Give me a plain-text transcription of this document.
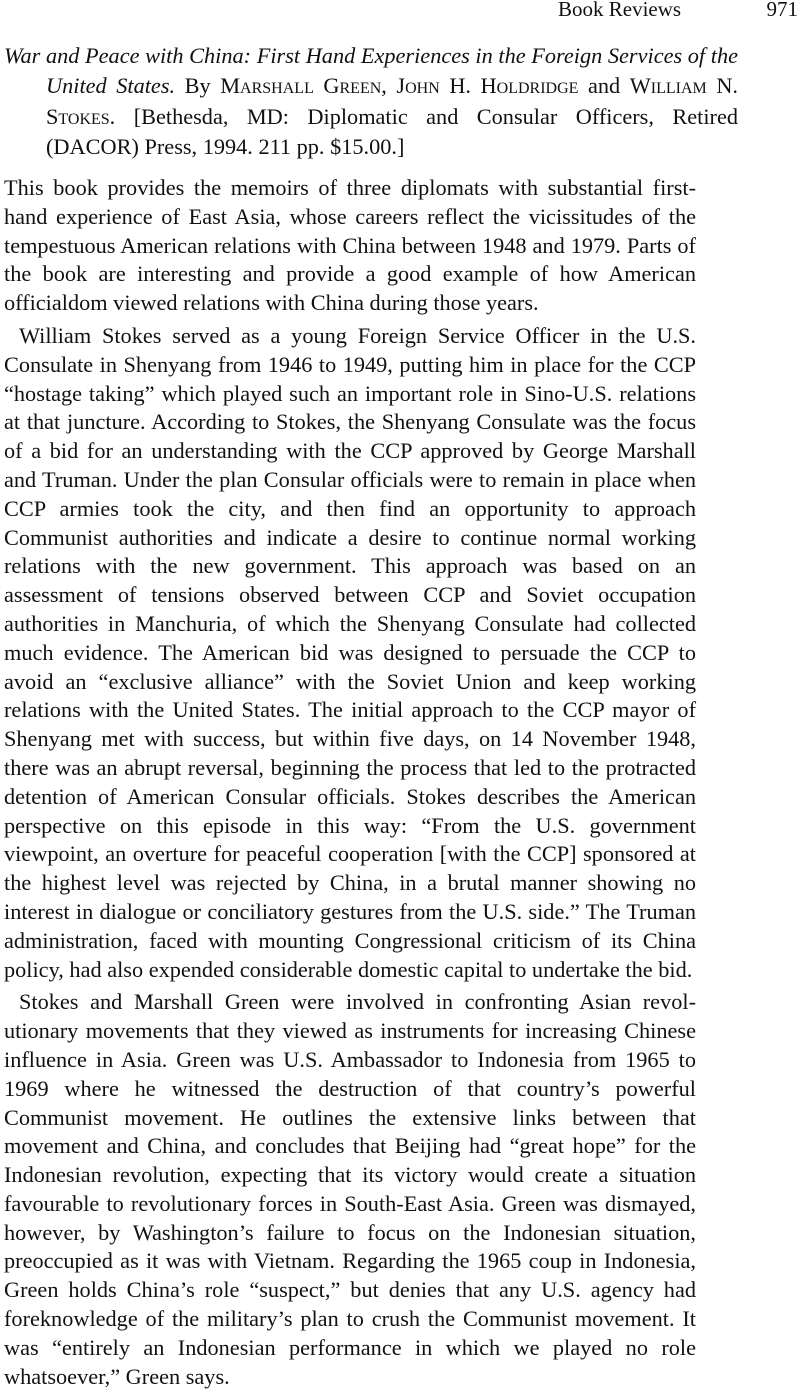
Book Reviews	971
War and Peace with China: First Hand Experiences in the Foreign Services of the United States. By Marshall Green, John H. Holdridge and William N. Stokes. [Bethesda, MD: Diplomatic and Consular Officers, Retired (DACOR) Press, 1994. 211 pp. $15.00.]

This book provides the memoirs of three diplomats with substantial first-hand experience of East Asia, whose careers reflect the vicissitudes of the tempestuous American relations with China between 1948 and 1979. Parts of the book are interesting and provide a good example of how American officialdom viewed relations with China during those years.

William Stokes served as a young Foreign Service Officer in the U.S. Consulate in Shenyang from 1946 to 1949, putting him in place for the CCP “hostage taking” which played such an important role in Sino-U.S. relations at that juncture. According to Stokes, the Shenyang Consulate was the focus of a bid for an understanding with the CCP approved by George Marshall and Truman. Under the plan Consular officials were to remain in place when CCP armies took the city, and then find an opportunity to approach Communist authorities and indicate a desire to continue normal working relations with the new government. This approach was based on an assessment of tensions observed between CCP and Soviet occupation authorities in Manchuria, of which the Shenyang Consulate had collected much evidence. The American bid was designed to persuade the CCP to avoid an “exclusive alliance” with the Soviet Union and keep working relations with the United States. The initial approach to the CCP mayor of Shenyang met with success, but within five days, on 14 November 1948, there was an abrupt reversal, beginning the process that led to the protracted detention of American Consular officials. Stokes describes the American perspective on this episode in this way: “From the U.S. government viewpoint, an overture for peaceful cooperation [with the CCP] sponsored at the highest level was rejected by China, in a brutal manner showing no interest in dialogue or conciliatory gestures from the U.S. side.” The Truman administration, faced with mounting Congressional criticism of its China policy, had also expended considerable domestic capital to undertake the bid.

Stokes and Marshall Green were involved in confronting Asian revolutionary movements that they viewed as instruments for increasing Chinese influence in Asia. Green was U.S. Ambassador to Indonesia from 1965 to 1969 where he witnessed the destruction of that country’s powerful Communist movement. He outlines the extensive links between that movement and China, and concludes that Beijing had “great hope” for the Indonesian revolution, expecting that its victory would create a situation favourable to revolutionary forces in South-East Asia. Green was dismayed, however, by Washington’s failure to focus on the Indonesian situation, preoccupied as it was with Vietnam. Regarding the 1965 coup in Indonesia, Green holds China’s role “suspect,” but denies that any U.S. agency had foreknowledge of the military’s plan to crush the Communist movement. It was “entirely an Indonesian performance in which we played no role whatsoever,” Green says.
